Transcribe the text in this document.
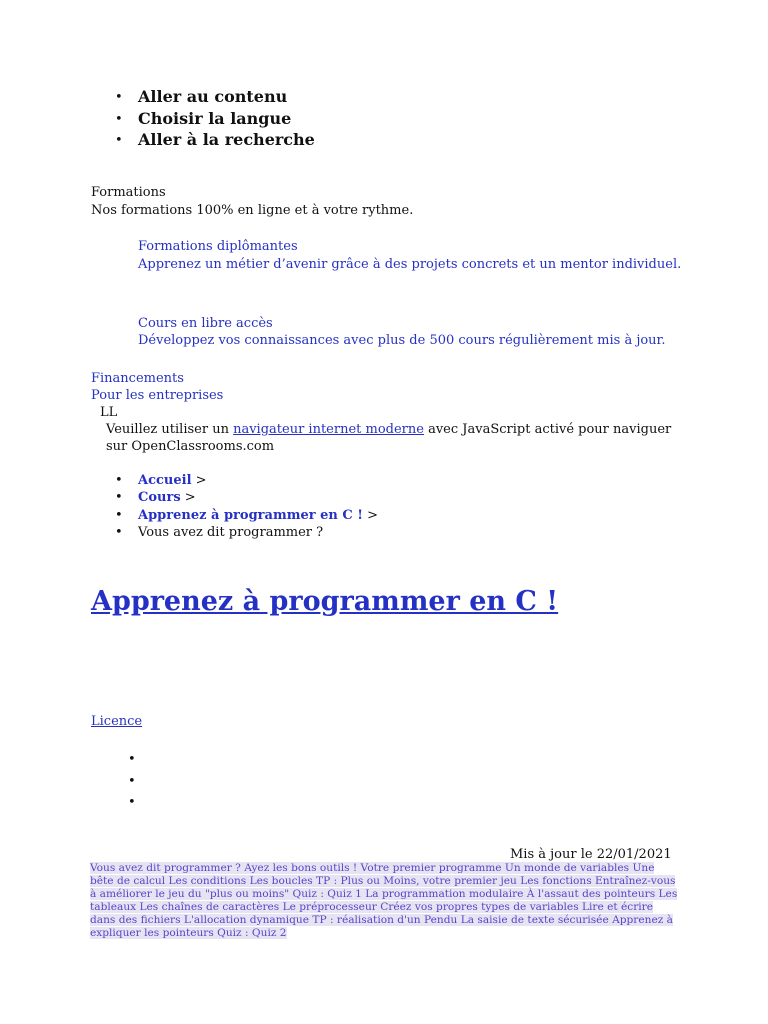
• Aller au contenu
• Choisir la langue
• Aller à la recherche
Formations
Nos formations 100% en ligne et à votre rythme.
Formations diplômantes
Apprenez un métier d’avenir grâce à des projets concrets et un mentor individuel.
Cours en libre accès
Développez vos connaissances avec plus de 500 cours régulièrement mis à jour.
Financements
Pour les entreprises
LL
Veuillez utiliser un navigateur internet moderne avec JavaScript activé pour naviguer
sur OpenClassrooms.com
• Accueil >
• Cours >
• Apprenez à programmer en C ! >
• Vous avez dit programmer ?
Apprenez à programmer en C !
Licence
Mis à jour le 22/01/2021
Vous avez dit programmer ? Ayez les bons outils ! Votre premier programme Un monde de variables Une bête de calcul Les conditions Les boucles TP : Plus ou Moins, votre premier jeu Les fonctions Entraînez-vous à améliorer le jeu du "plus ou moins" Quiz : Quiz 1 La programmation modulaire À l'assaut des pointeurs Les tableaux Les chaînes de caractères Le préprocesseur Créez vos propres types de variables Lire et écrire dans des fichiers L'allocation dynamique TP : réalisation d'un Pendu La saisie de texte sécurisée Apprenez à expliquer les pointeurs Quiz : Quiz 2
